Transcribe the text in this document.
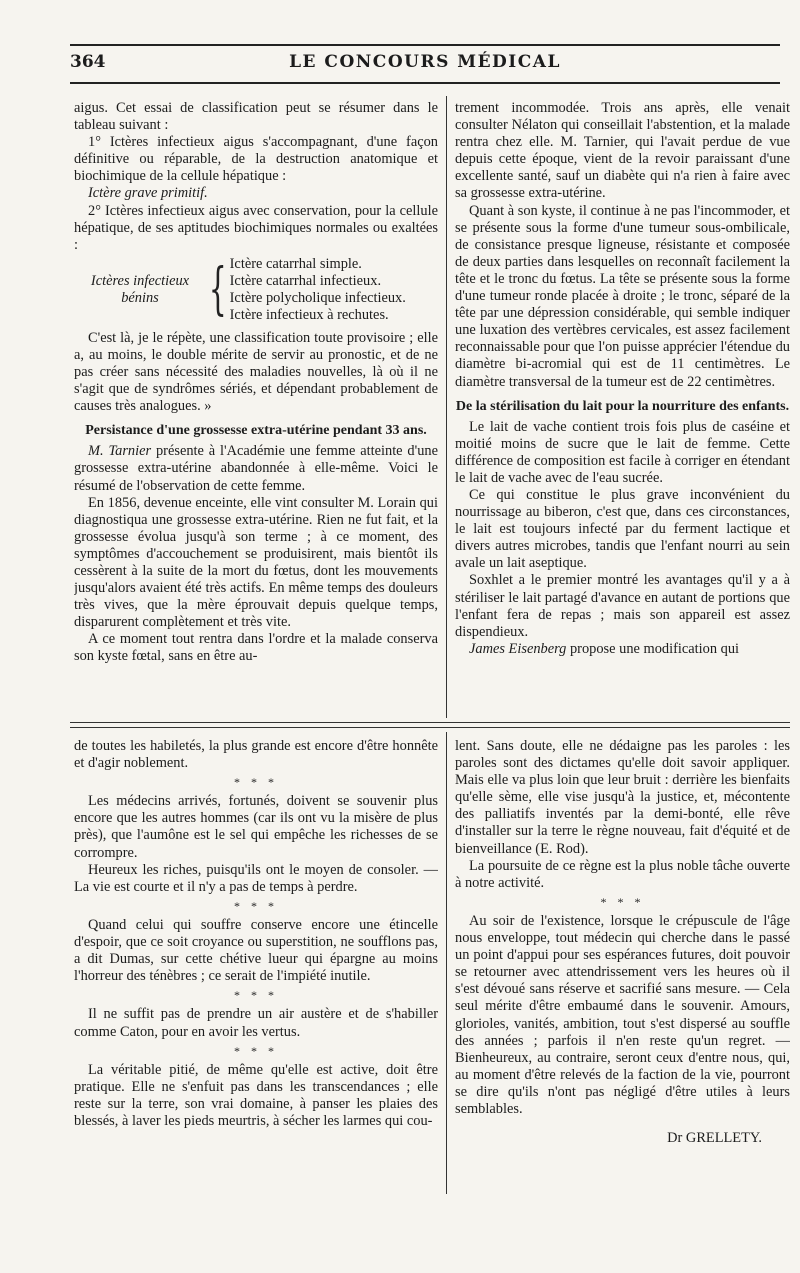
364	LE CONCOURS MÉDICAL

aigus. Cet essai de classification peut se résumer dans le tableau suivant :

1° Ictères infectieux aigus s'accompagnant, d'une façon définitive ou réparable, de la destruction anatomique et biochimique de la cellule hépatique :

Ictère grave primitif.

2° Ictères infectieux aigus avec conservation, pour la cellule hépatique, de ses aptitudes biochimiques normales ou exaltées :

Ictères infectieux
bénins { Ictère catarrhal simple.
Ictère catarrhal infectieux.
Ictère polycholique infectieux.
Ictère infectieux à rechutes.

C'est là, je le répète, une classification toute provisoire ; elle a, au moins, le double mérite de servir au pronostic, et de ne pas créer sans nécessité des maladies nouvelles, là où il ne s'agit que de syndrômes sériés, et dépendant probablement de causes très analogues. »

Persistance d'une grossesse extra-utérine pendant 33 ans.

M. Tarnier présente à l'Académie une femme atteinte d'une grossesse extra-utérine abandonnée à elle-même. Voici le résumé de l'observation de cette femme.

En 1856, devenue enceinte, elle vint consulter M. Lorain qui diagnostiqua une grossesse extra-utérine. Rien ne fut fait, et la grossesse évolua jusqu'à son terme ; à ce moment, des symptômes d'accouchement se produisirent, mais bientôt ils cessèrent à la suite de la mort du fœtus, dont les mouvements jusqu'alors avaient été très actifs. En même temps des douleurs très vives, que la mère éprouvait depuis quelque temps, disparurent complètement et très vite.

A ce moment tout rentra dans l'ordre et la malade conserva son kyste fœtal, sans en être au-

trement incommodée. Trois ans après, elle venait consulter Nélaton qui conseillait l'abstention, et la malade rentra chez elle. M. Tarnier, qui l'avait perdue de vue depuis cette époque, vient de la revoir paraissant d'une excellente santé, sauf un diabète qui n'a rien à faire avec sa grossesse extra-utérine.

Quant à son kyste, il continue à ne pas l'incommoder, et se présente sous la forme d'une tumeur sous-ombilicale, de consistance presque ligneuse, résistante et composée de deux parties dans lesquelles on reconnaît facilement la tête et le tronc du fœtus. La tête se présente sous la forme d'une tumeur ronde placée à droite ; le tronc, séparé de la tête par une dépression considérable, qui semble indiquer une luxation des vertèbres cervicales, est assez facilement reconnaissable pour que l'on puisse apprécier l'étendue du diamètre bi-acromial qui est de 11 centimètres. Le diamètre transversal de la tumeur est de 22 centimètres.

De la stérilisation du lait pour la nourriture des enfants.

Le lait de vache contient trois fois plus de caséine et moitié moins de sucre que le lait de femme. Cette différence de composition est facile à corriger en étendant le lait de vache avec de l'eau sucrée.

Ce qui constitue le plus grave inconvénient du nourrissage au biberon, c'est que, dans ces circonstances, le lait est toujours infecté par du ferment lactique et divers autres microbes, tandis que l'enfant nourri au sein avale un lait aseptique.

Soxhlet a le premier montré les avantages qu'il y a à stériliser le lait partagé d'avance en autant de portions que l'enfant fera de repas ; mais son appareil est assez dispendieux.

James Eisenberg propose une modification qui

de toutes les habiletés, la plus grande est encore d'être honnête et d'agir noblement.

* * *

Les médecins arrivés, fortunés, doivent se souvenir plus encore que les autres hommes (car ils ont vu la misère de plus près), que l'aumône est le sel qui empêche les richesses de se corrompre.

Heureux les riches, puisqu'ils ont le moyen de consoler. — La vie est courte et il n'y a pas de temps à perdre.

* * *

Quand celui qui souffre conserve encore une étincelle d'espoir, que ce soit croyance ou superstition, ne soufflons pas, a dit Dumas, sur cette chétive lueur qui épargne au moins l'horreur des ténèbres ; ce serait de l'impiété inutile.

* * *

Il ne suffit pas de prendre un air austère et de s'habiller comme Caton, pour en avoir les vertus.

* * *

La véritable pitié, de même qu'elle est active, doit être pratique. Elle ne s'enfuit pas dans les transcendances ; elle reste sur la terre, son vrai domaine, à panser les plaies des blessés, à laver les pieds meurtris, à sécher les larmes qui cou-

lent. Sans doute, elle ne dédaigne pas les paroles : les paroles sont des dictames qu'elle doit savoir appliquer. Mais elle va plus loin que leur bruit : derrière les bienfaits qu'elle sème, elle vise jusqu'à la justice, et, mécontente des palliatifs inventés par la demi-bonté, elle rêve d'installer sur la terre le règne nouveau, fait d'équité et de bienveillance (E. Rod).

La poursuite de ce règne est la plus noble tâche ouverte à notre activité.

* * *

Au soir de l'existence, lorsque le crépuscule de l'âge nous enveloppe, tout médecin qui cherche dans le passé un point d'appui pour ses espérances futures, doit pouvoir se retourner avec attendrissement vers les heures où il s'est dévoué sans réserve et sacrifié sans mesure. — Cela seul mérite d'être embaumé dans le souvenir. Amours, glorioles, vanités, ambition, tout s'est dispersé au souffle des années ; parfois il n'en reste qu'un regret. — Bienheureux, au contraire, seront ceux d'entre nous, qui, au moment d'être relevés de la faction de la vie, pourront se dire qu'ils n'ont pas négligé d'être utiles à leurs semblables.

Dr GRELLETY.
